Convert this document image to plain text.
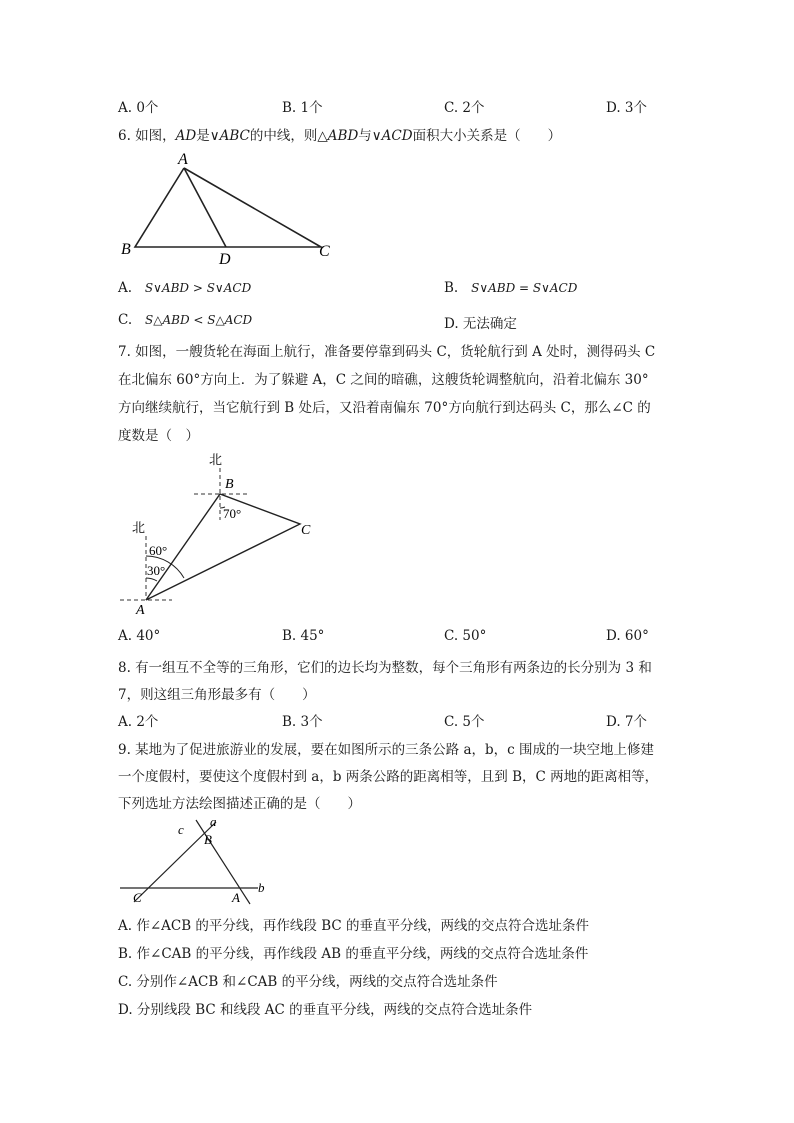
A. 0个	B. 1个	C. 2个	D. 3个
6. 如图，AD是∨ABC的中线，则△ABD与∨ACD面积大小关系是（　　）
A
B	C
D
A. S∨ABD > S∨ACD	B. S∨ABD = S∨ACD
C. S△ABD < S△ACD	D. 无法确定
7. 如图，一艘货轮在海面上航行，准备要停靠到码头 C，货轮航行到 A 处时，测得码头 C
在北偏东 60°方向上．为了躲避 A，C 之间的暗礁，这艘货轮调整航向，沿着北偏东 30°
方向继续航行，当它航行到 B 处后，又沿着南偏东 70°方向航行到达码头 C，那么∠C 的
度数是（　）
北
北
B
C
A
70°
60°
30°
A. 40°	B. 45°	C. 50°	D. 60°
8. 有一组互不全等的三角形，它们的边长均为整数，每个三角形有两条边的长分别为 3 和
7，则这组三角形最多有（　　）
A. 2个	B. 3个	C. 5个	D. 7个
9. 某地为了促进旅游业的发展，要在如图所示的三条公路 a，b，c 围成的一块空地上修建
一个度假村，要使这个度假村到 a，b 两条公路的距离相等，且到 B，C 两地的距离相等，
下列选址方法绘图描述正确的是（　　）
a
c
b
B
C	A
A. 作∠ACB 的平分线，再作线段 BC 的垂直平分线，两线的交点符合选址条件
B. 作∠CAB 的平分线，再作线段 AB 的垂直平分线，两线的交点符合选址条件
C. 分别作∠ACB 和∠CAB 的平分线，两线的交点符合选址条件
D. 分别线段 BC 和线段 AC 的垂直平分线，两线的交点符合选址条件
